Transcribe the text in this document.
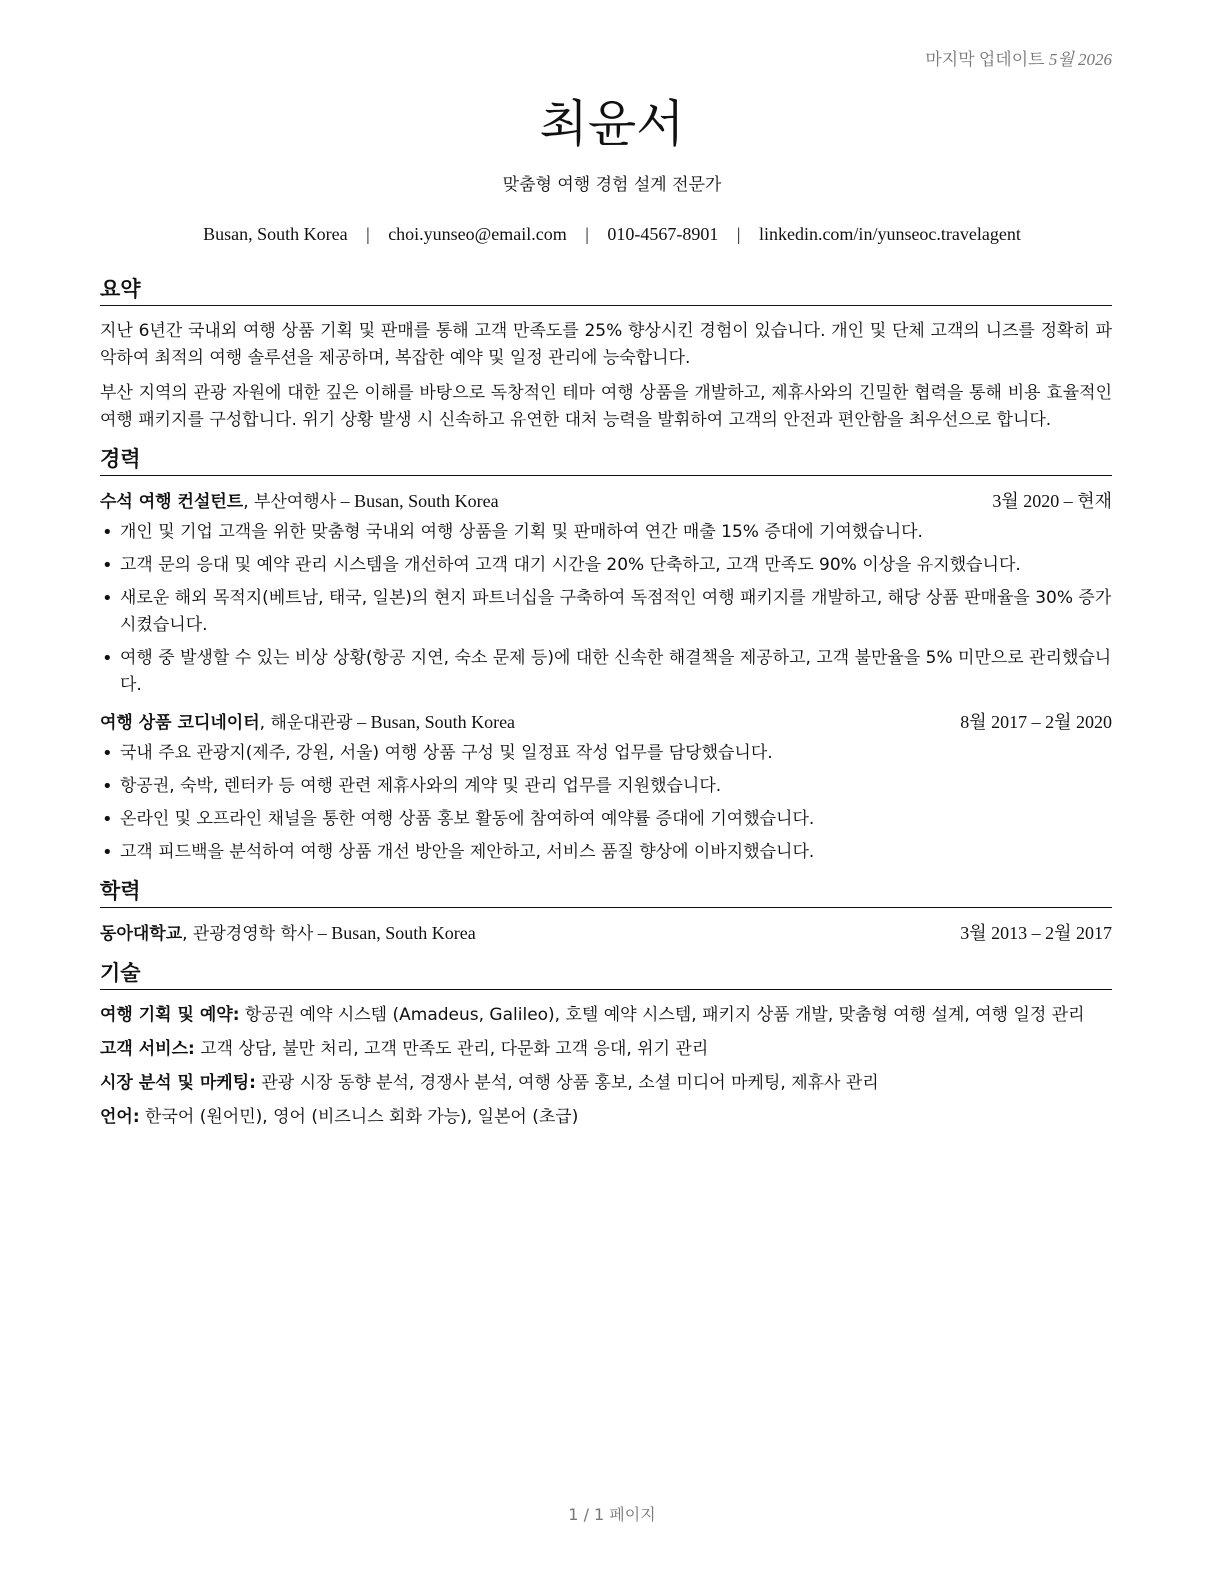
마지막 업데이트 5월 2026
최윤서
맞춤형 여행 경험 설계 전문가
Busan, South Korea | choi.yunseo@email.com | 010-4567-8901 | linkedin.com/in/yunseoc.travelagent
요약

지난 6년간 국내외 여행 상품 기획 및 판매를 통해 고객 만족도를 25% 향상시킨 경험이 있습니다. 개인 및 단체 고객의 니즈를 정확히 파악하여 최적의 여행 솔루션을 제공하며, 복잡한 예약 및 일정 관리에 능숙합니다.

부산 지역의 관광 자원에 대한 깊은 이해를 바탕으로 독창적인 테마 여행 상품을 개발하고, 제휴사와의 긴밀한 협력을 통해 비용 효율적인 여행 패키지를 구성합니다. 위기 상황 발생 시 신속하고 유연한 대처 능력을 발휘하여 고객의 안전과 편안함을 최우선으로 합니다.

경력
수석 여행 컨설턴트, 부산여행사 – Busan, South Korea	3월 2020 – 현재
• 개인 및 기업 고객을 위한 맞춤형 국내외 여행 상품을 기획 및 판매하여 연간 매출 15% 증대에 기여했습니다.
• 고객 문의 응대 및 예약 관리 시스템을 개선하여 고객 대기 시간을 20% 단축하고, 고객 만족도 90% 이상을 유지했습니다.
• 새로운 해외 목적지(베트남, 태국, 일본)의 현지 파트너십을 구축하여 독점적인 여행 패키지를 개발하고, 해당 상품 판매율을 30% 증가시켰습니다.
• 여행 중 발생할 수 있는 비상 상황(항공 지연, 숙소 문제 등)에 대한 신속한 해결책을 제공하고, 고객 불만율을 5% 미만으로 관리했습니다.
여행 상품 코디네이터, 해운대관광 – Busan, South Korea	8월 2017 – 2월 2020
• 국내 주요 관광지(제주, 강원, 서울) 여행 상품 구성 및 일정표 작성 업무를 담당했습니다.
• 항공권, 숙박, 렌터카 등 여행 관련 제휴사와의 계약 및 관리 업무를 지원했습니다.
• 온라인 및 오프라인 채널을 통한 여행 상품 홍보 활동에 참여하여 예약률 증대에 기여했습니다.
• 고객 피드백을 분석하여 여행 상품 개선 방안을 제안하고, 서비스 품질 향상에 이바지했습니다.
학력
동아대학교, 관광경영학 학사 – Busan, South Korea	3월 2013 – 2월 2017
기술

여행 기획 및 예약: 항공권 예약 시스템 (Amadeus, Galileo), 호텔 예약 시스템, 패키지 상품 개발, 맞춤형 여행 설계, 여행 일정 관리

고객 서비스: 고객 상담, 불만 처리, 고객 만족도 관리, 다문화 고객 응대, 위기 관리

시장 분석 및 마케팅: 관광 시장 동향 분석, 경쟁사 분석, 여행 상품 홍보, 소셜 미디어 마케팅, 제휴사 관리

언어: 한국어 (원어민), 영어 (비즈니스 회화 가능), 일본어 (초급)

1 / 1 페이지
